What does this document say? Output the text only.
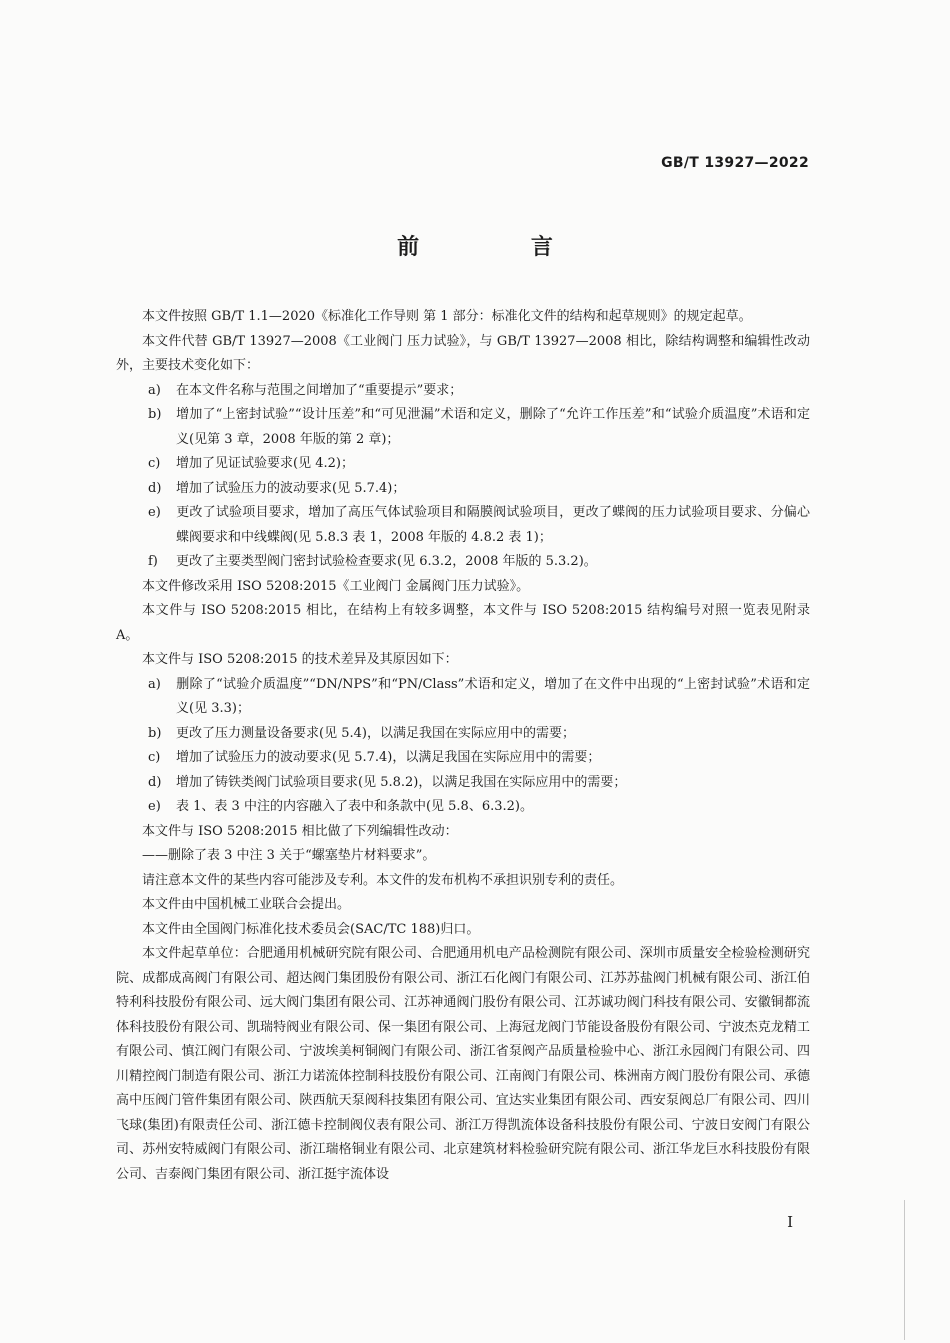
GB/T 13927—2022
前 言

本文件按照 GB/T 1.1—2020《标准化工作导则 第 1 部分：标准化文件的结构和起草规则》的规定起草。

本文件代替 GB/T 13927—2008《工业阀门 压力试验》，与 GB/T 13927—2008 相比，除结构调整和编辑性改动外，主要技术变化如下：

a) 在本文件名称与范围之间增加了“重要提示”要求；

b) 增加了“上密封试验”“设计压差”和“可见泄漏”术语和定义，删除了“允许工作压差”和“试验介质温度”术语和定义(见第 3 章，2008 年版的第 2 章)；

c) 增加了见证试验要求(见 4.2)；

d) 增加了试验压力的波动要求(见 5.7.4)；

e) 更改了试验项目要求，增加了高压气体试验项目和隔膜阀试验项目，更改了蝶阀的压力试验项目要求、分偏心蝶阀要求和中线蝶阀(见 5.8.3 表 1，2008 年版的 4.8.2 表 1)；

f) 更改了主要类型阀门密封试验检查要求(见 6.3.2，2008 年版的 5.3.2)。

本文件修改采用 ISO 5208:2015《工业阀门 金属阀门压力试验》。

本文件与 ISO 5208:2015 相比，在结构上有较多调整，本文件与 ISO 5208:2015 结构编号对照一览表见附录 A。

本文件与 ISO 5208:2015 的技术差异及其原因如下：

a) 删除了“试验介质温度”“DN/NPS”和“PN/Class”术语和定义，增加了在文件中出现的“上密封试验”术语和定义(见 3.3)；

b) 更改了压力测量设备要求(见 5.4)，以满足我国在实际应用中的需要；

c) 增加了试验压力的波动要求(见 5.7.4)，以满足我国在实际应用中的需要；

d) 增加了铸铁类阀门试验项目要求(见 5.8.2)，以满足我国在实际应用中的需要；

e) 表 1、表 3 中注的内容融入了表中和条款中(见 5.8、6.3.2)。

本文件与 ISO 5208:2015 相比做了下列编辑性改动：

——删除了表 3 中注 3 关于“螺塞垫片材料要求”。

请注意本文件的某些内容可能涉及专利。本文件的发布机构不承担识别专利的责任。

本文件由中国机械工业联合会提出。

本文件由全国阀门标准化技术委员会(SAC/TC 188)归口。

本文件起草单位：合肥通用机械研究院有限公司、合肥通用机电产品检测院有限公司、深圳市质量安全检验检测研究院、成都成高阀门有限公司、超达阀门集团股份有限公司、浙江石化阀门有限公司、江苏苏盐阀门机械有限公司、浙江伯特利科技股份有限公司、远大阀门集团有限公司、江苏神通阀门股份有限公司、江苏诚功阀门科技有限公司、安徽铜都流体科技股份有限公司、凯瑞特阀业有限公司、保一集团有限公司、上海冠龙阀门节能设备股份有限公司、宁波杰克龙精工有限公司、慎江阀门有限公司、宁波埃美柯铜阀门有限公司、浙江省泵阀产品质量检验中心、浙江永园阀门有限公司、四川精控阀门制造有限公司、浙江力诺流体控制科技股份有限公司、江南阀门有限公司、株洲南方阀门股份有限公司、承德高中压阀门管件集团有限公司、陕西航天泵阀科技集团有限公司、宜达实业集团有限公司、西安泵阀总厂有限公司、四川飞球(集团)有限责任公司、浙江德卡控制阀仪表有限公司、浙江万得凯流体设备科技股份有限公司、宁波日安阀门有限公司、苏州安特威阀门有限公司、浙江瑞格铜业有限公司、北京建筑材料检验研究院有限公司、浙江华龙巨水科技股份有限公司、吉泰阀门集团有限公司、浙江挺宇流体设

I
